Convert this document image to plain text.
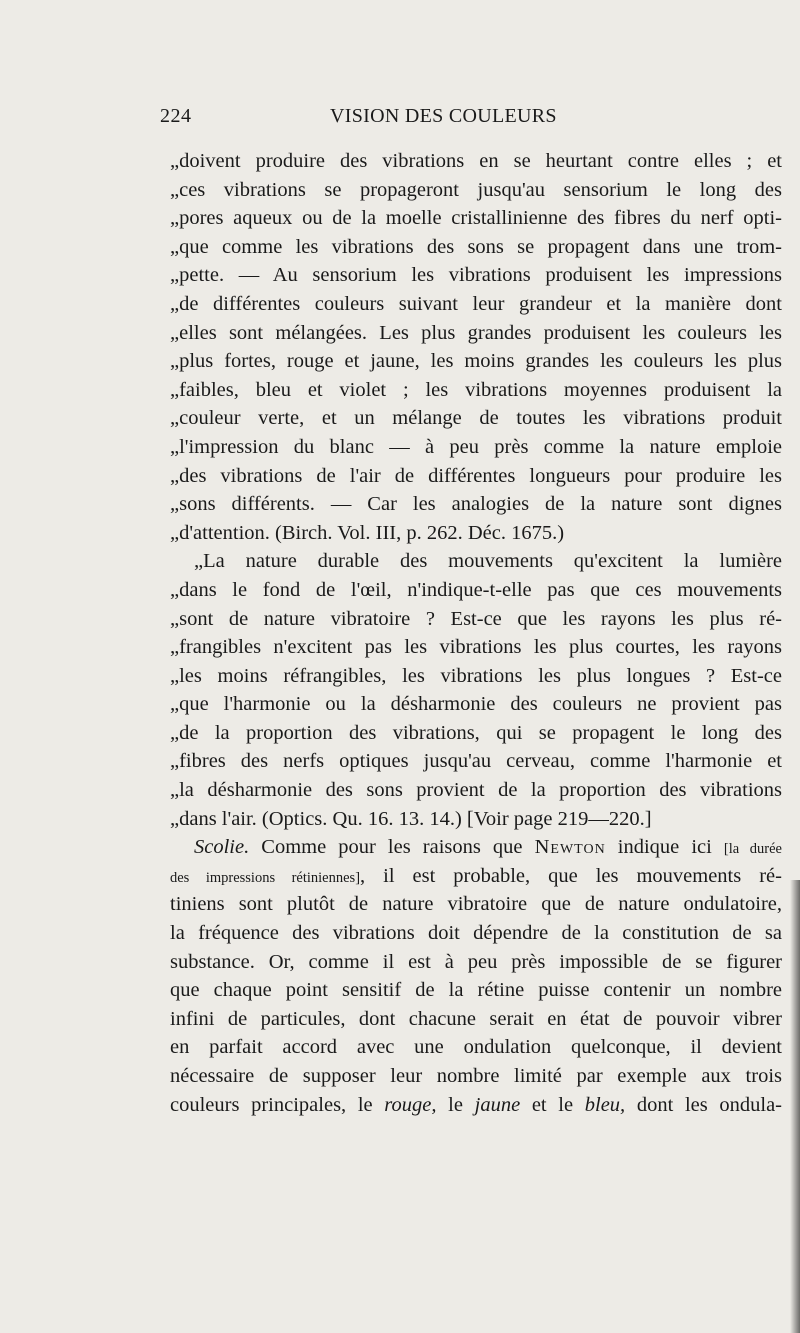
224	VISION DES COULEURS
„doivent produire des vibrations en se heurtant contre elles ; et
„ces vibrations se propageront jusqu'au sensorium le long des
„pores aqueux ou de la moelle cristallinienne des fibres du nerf opti-
„que comme les vibrations des sons se propagent dans une trom-
„pette. — Au sensorium les vibrations produisent les impressions
„de différentes couleurs suivant leur grandeur et la manière dont
„elles sont mélangées. Les plus grandes produisent les couleurs les
„plus fortes, rouge et jaune, les moins grandes les couleurs les plus
„faibles, bleu et violet ; les vibrations moyennes produisent la
„couleur verte, et un mélange de toutes les vibrations produit
„l'impression du blanc — à peu près comme la nature emploie
„des vibrations de l'air de différentes longueurs pour produire les
„sons différents. — Car les analogies de la nature sont dignes
„d'attention. (Birch. Vol. III, p. 262. Déc. 1675.)
„La nature durable des mouvements qu'excitent la lumière
„dans le fond de l'œil, n'indique-t-elle pas que ces mouvements
„sont de nature vibratoire ? Est-ce que les rayons les plus ré-
„frangibles n'excitent pas les vibrations les plus courtes, les rayons
„les moins réfrangibles, les vibrations les plus longues ? Est-ce
„que l'harmonie ou la désharmonie des couleurs ne provient pas
„de la proportion des vibrations, qui se propagent le long des
„fibres des nerfs optiques jusqu'au cerveau, comme l'harmonie et
„la désharmonie des sons provient de la proportion des vibrations
„dans l'air. (Optics. Qu. 16. 13. 14.) [Voir page 219—220.]
Scolie. Comme pour les raisons que Newton indique ici [la durée
des impressions rétiniennes], il est probable, que les mouvements ré-
tiniens sont plutôt de nature vibratoire que de nature ondulatoire,
la fréquence des vibrations doit dépendre de la constitution de sa
substance. Or, comme il est à peu près impossible de se figurer
que chaque point sensitif de la rétine puisse contenir un nombre
infini de particules, dont chacune serait en état de pouvoir vibrer
en parfait accord avec une ondulation quelconque, il devient
nécessaire de supposer leur nombre limité par exemple aux trois
couleurs principales, le rouge, le jaune et le bleu, dont les ondula-
